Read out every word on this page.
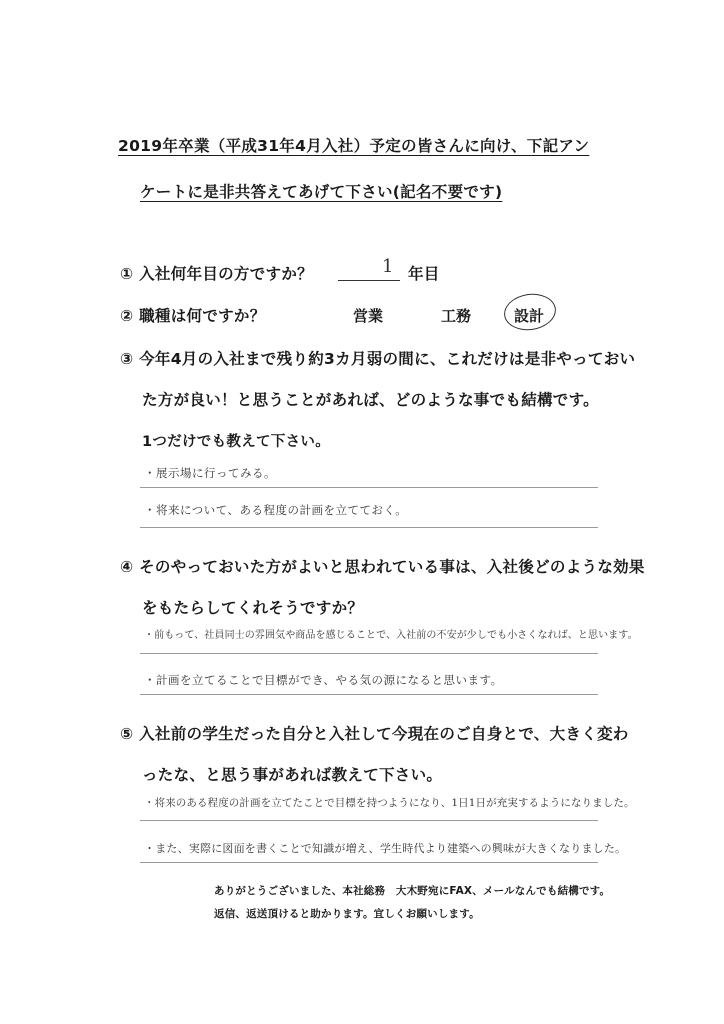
2019年卒業（平成31年4月入社）予定の皆さんに向け、下記アン
ケートに是非共答えてあげて下さい(記名不要です)
① 入社何年目の方ですか？	1 年目
② 職種は何ですか？	営業	工務	設計
③ 今年4月の入社まで残り約3カ月弱の間に、これだけは是非やっておい
た方が良い！と思うことがあれば、どのような事でも結構です。
1つだけでも教えて下さい。
・展示場に行ってみる。
・将来について、ある程度の計画を立てておく。
④ そのやっておいた方がよいと思われている事は、入社後どのような効果
をもたらしてくれそうですか？
・前もって、社員同士の雰囲気や商品を感じることで、入社前の不安が少しでも小さくなれば、と思います。
・計画を立てることで目標ができ、やる気の源になると思います。
⑤ 入社前の学生だった自分と入社して今現在のご自身とで、大きく変わ
ったな、と思う事があれば教えて下さい。
・将来のある程度の計画を立てたことで目標を持つようになり、1日1日が充実するようになりました。
・また、実際に図面を書くことで知識が増え、学生時代より建築への興味が大きくなりました。
ありがとうございました、本社総務　大木野宛にFAX、メールなんでも結構です。
返信、返送頂けると助かります。宜しくお願いします。
